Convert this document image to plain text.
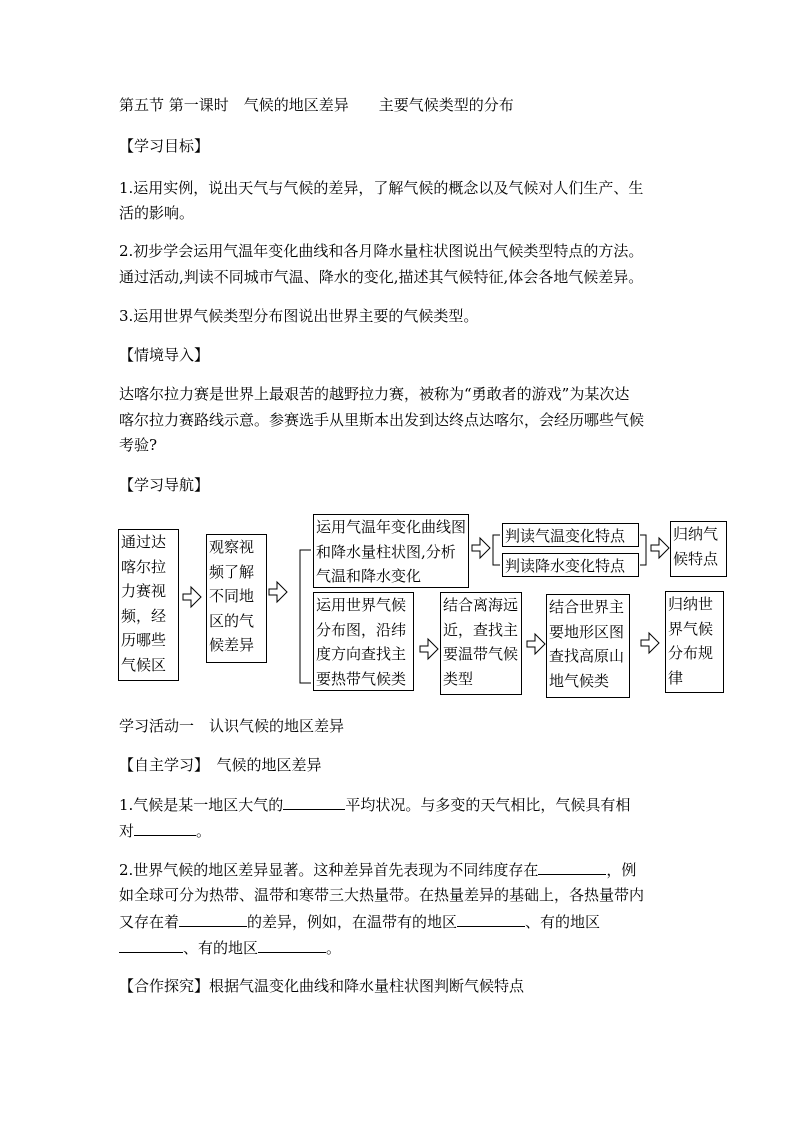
第五节 第一课时　气候的地区差异　　主要气候类型的分布
【学习目标】
1.运用实例，说出天气与气候的差异，了解气候的概念以及气候对人们生产、生
活的影响。
2.初步学会运用气温年变化曲线和各月降水量柱状图说出气候类型特点的方法。
通过活动,判读不同城市气温、降水的变化,描述其气候特征,体会各地气候差异。
3.运用世界气候类型分布图说出世界主要的气候类型。
【情境导入】
达喀尔拉力赛是世界上最艰苦的越野拉力赛，被称为“勇敢者的游戏”为某次达
喀尔拉力赛路线示意。参赛选手从里斯本出发到达终点达喀尔，会经历哪些气候
考验?
【学习导航】
通过达喀尔拉力赛视频，经历哪些气候区
观察视频了解不同地区的气候差异
运用气温年变化曲线图和降水量柱状图,分析气温和降水变化
判读气温变化特点
判读降水变化特点
归纳气候特点
运用世界气候分布图，沿纬度方向查找主要热带气候类
结合离海远近，查找主要温带气候类型
结合世界主要地形区图查找高原山地气候类
归纳世界气候分布规律
学习活动一　认识气候的地区差异
【自主学习】　气候的地区差异
1.气候是某一地区大气的	平均状况。与多变的天气相比，气候具有相
对	。
2.世界气候的地区差异显著。这种差异首先表现为不同纬度存在	，例
如全球可分为热带、温带和寒带三大热量带。在热量差异的基础上，各热量带内
又存在着	的差异，例如，在温带有的地区	、有的地区
、有的地区	。
【合作探究】根据气温变化曲线和降水量柱状图判断气候特点
